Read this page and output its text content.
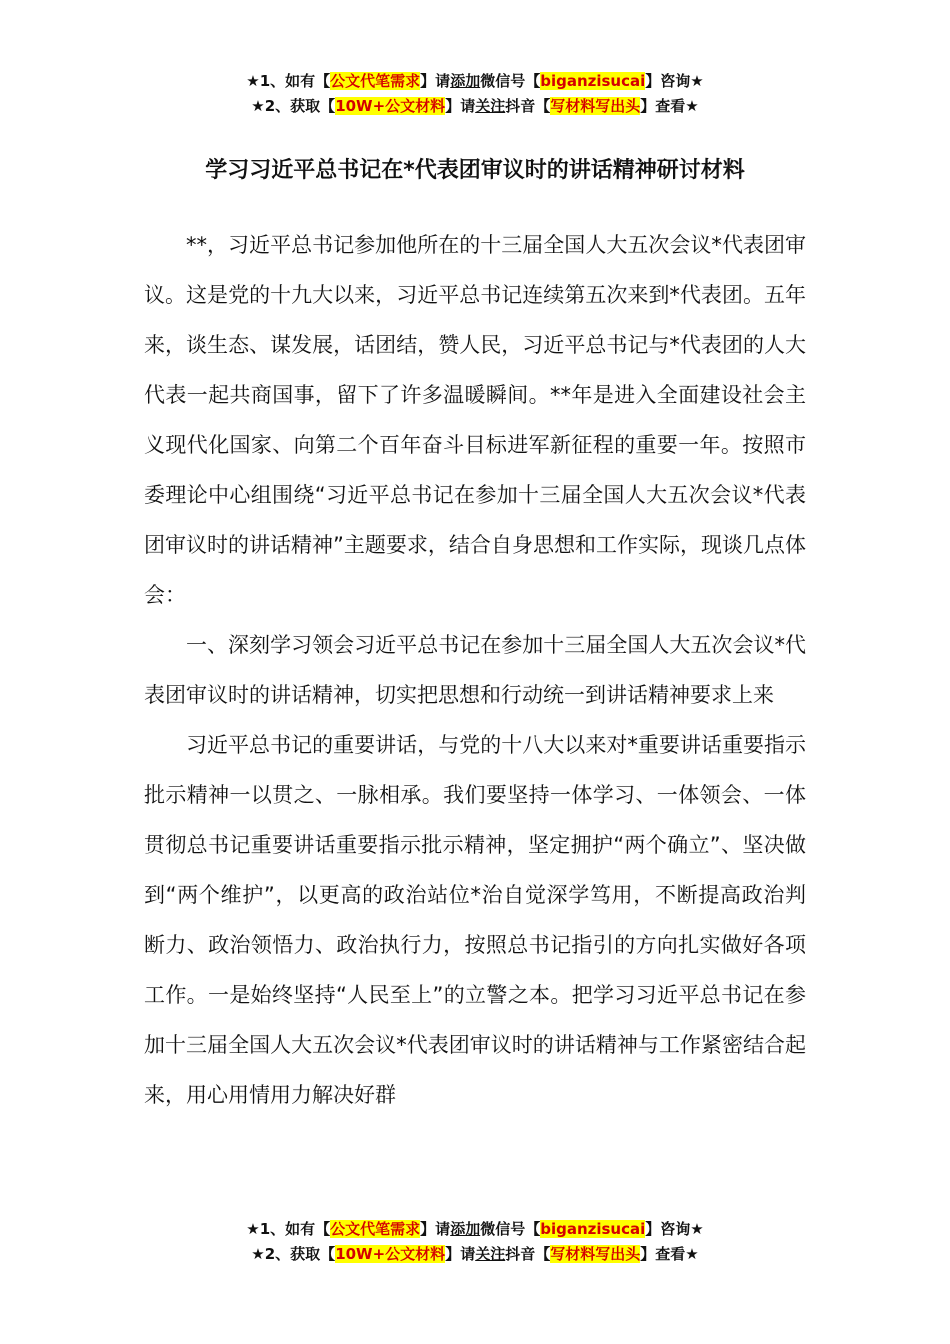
★1、如有【公文代笔需求】请添加微信号【biganzisucai】咨询★
★2、获取【10W+公文材料】请关注抖音【写材料写出头】查看★
学习习近平总书记在*代表团审议时的讲话精神研讨材料

**，习近平总书记参加他所在的十三届全国人大五次会议*代表团审议。这是党的十九大以来，习近平总书记连续第五次来到*代表团。五年来，谈生态、谋发展，话团结，赞人民，习近平总书记与*代表团的人大代表一起共商国事，留下了许多温暖瞬间。**年是进入全面建设社会主义现代化国家、向第二个百年奋斗目标进军新征程的重要一年。按照市委理论中心组围绕“习近平总书记在参加十三届全国人大五次会议*代表团审议时的讲话精神”主题要求，结合自身思想和工作实际，现谈几点体会：

一、深刻学习领会习近平总书记在参加十三届全国人大五次会议*代表团审议时的讲话精神，切实把思想和行动统一到讲话精神要求上来

习近平总书记的重要讲话，与党的十八大以来对*重要讲话重要指示批示精神一以贯之、一脉相承。我们要坚持一体学习、一体领会、一体贯彻总书记重要讲话重要指示批示精神，坚定拥护“两个确立”、坚决做到“两个维护”，以更高的政治站位*治自觉深学笃用，不断提高政治判断力、政治领悟力、政治执行力，按照总书记指引的方向扎实做好各项工作。一是始终坚持“人民至上”的立警之本。把学习习近平总书记在参加十三届全国人大五次会议*代表团审议时的讲话精神与工作紧密结合起来，用心用情用力解决好群

★1、如有【公文代笔需求】请添加微信号【biganzisucai】咨询★
★2、获取【10W+公文材料】请关注抖音【写材料写出头】查看★
